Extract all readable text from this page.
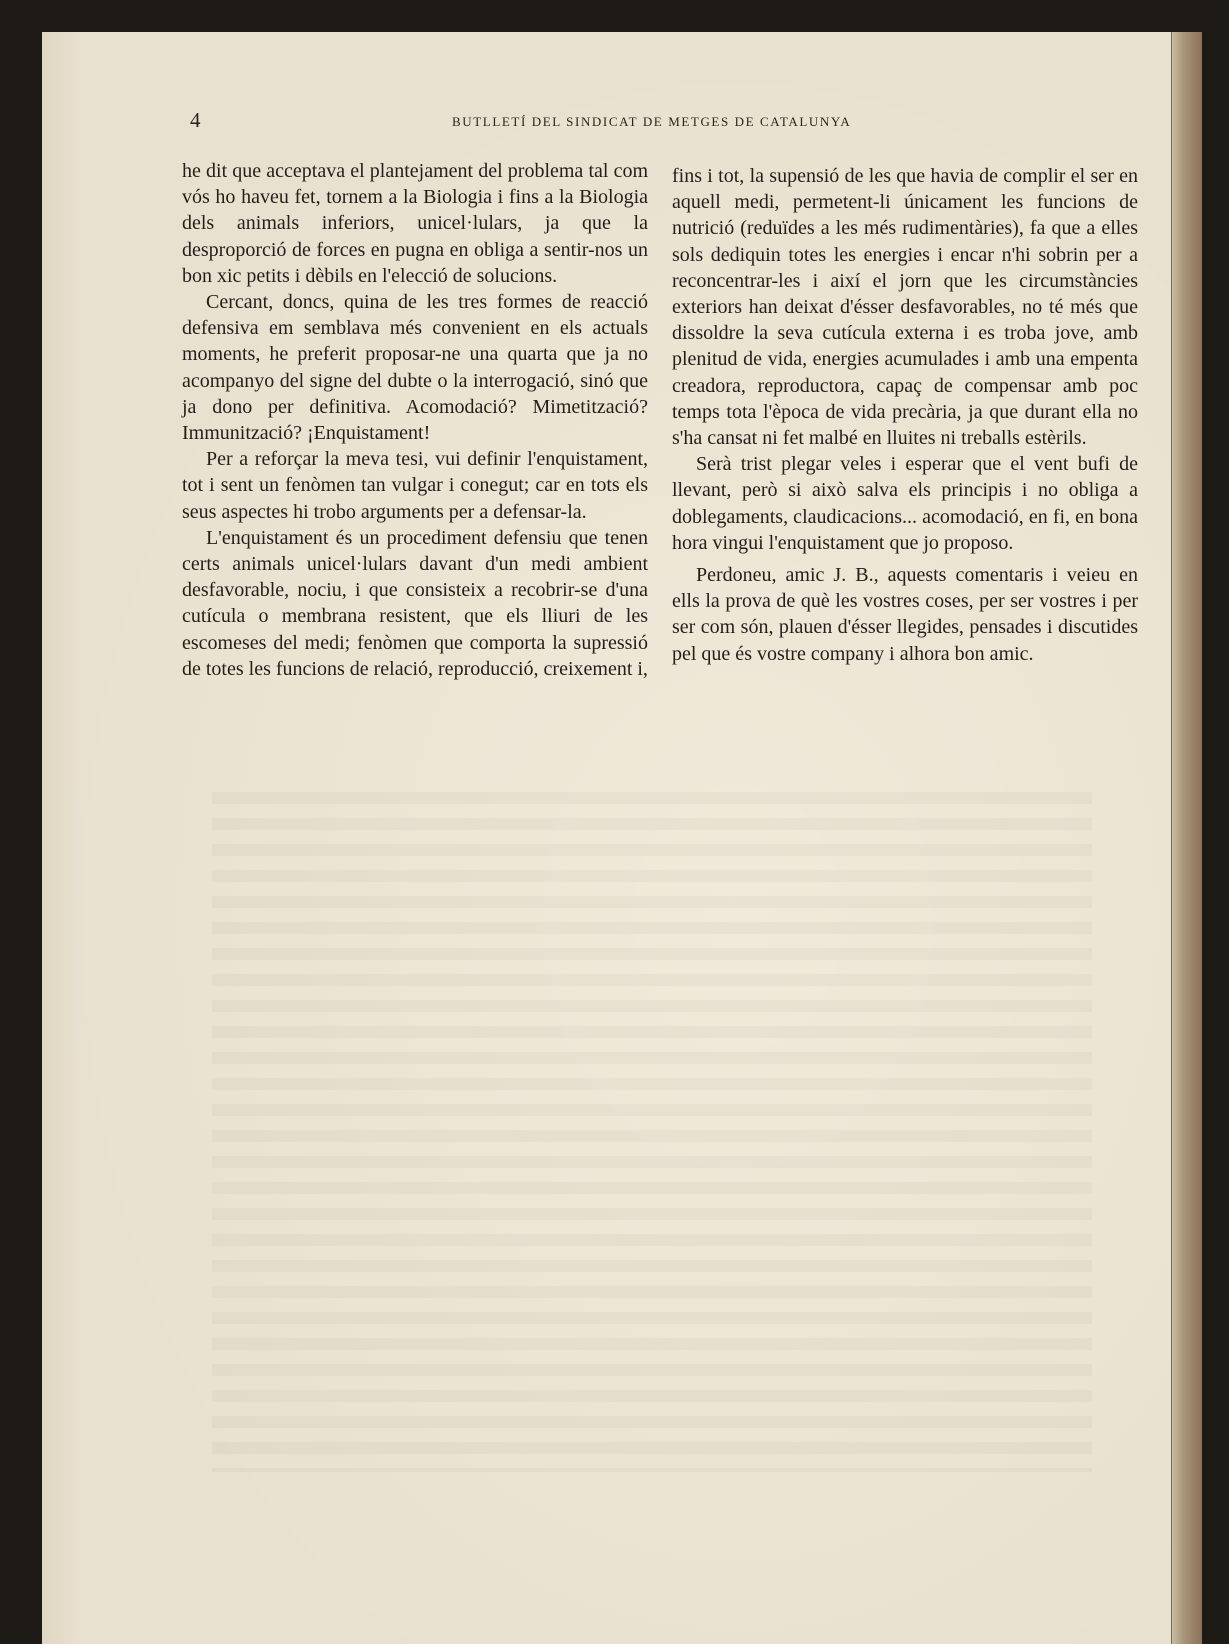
4	BUTLLETÍ DEL SINDICAT DE METGES DE CATALUNYA

he dit que acceptava el plantejament del problema tal com vós ho haveu fet, tornem a la Biologia i fins a la Biologia dels animals inferiors, unicel·lulars, ja que la desproporció de forces en pugna en obliga a sentir-nos un bon xic petits i dèbils en l'elecció de solucions.

Cercant, doncs, quina de les tres formes de reacció defensiva em semblava més convenient en els actuals moments, he preferit proposar-ne una quarta que ja no acompanyo del signe del dubte o la interrogació, sinó que ja dono per definitiva. Acomodació? Mimetització? Immunització? ¡Enquistament!

Per a reforçar la meva tesi, vui definir l'enquistament, tot i sent un fenòmen tan vulgar i conegut; car en tots els seus aspectes hi trobo arguments per a defensar-la.

L'enquistament és un procediment defensiu que tenen certs animals unicel·lulars davant d'un medi ambient desfavorable, nociu, i que consisteix a recobrir-se d'una cutícula o membrana resistent, que els lliuri de les escomeses del medi; fenòmen que comporta la supressió de totes les funcions de relació, reproducció, creixement i,

fins i tot, la supensió de les que havia de complir el ser en aquell medi, permetent-li únicament les funcions de nutrició (reduïdes a les més rudimentàries), fa que a elles sols dediquin totes les energies i encar n'hi sobrin per a reconcentrar-les i així el jorn que les circumstàncies exteriors han deixat d'ésser desfavorables, no té més que dissoldre la seva cutícula externa i es troba jove, amb plenitud de vida, energies acumulades i amb una empenta creadora, reproductora, capaç de compensar amb poc temps tota l'època de vida precària, ja que durant ella no s'ha cansat ni fet malbé en lluites ni treballs estèrils.

Serà trist plegar veles i esperar que el vent bufi de llevant, però si això salva els principis i no obliga a doblegaments, claudicacions... acomodació, en fi, en bona hora vingui l'enquistament que jo proposo.

Perdoneu, amic J. B., aquests comentaris i veieu en ells la prova de què les vostres coses, per ser vostres i per ser com són, plauen d'ésser llegides, pensades i discutides pel que és vostre company i alhora bon amic.
